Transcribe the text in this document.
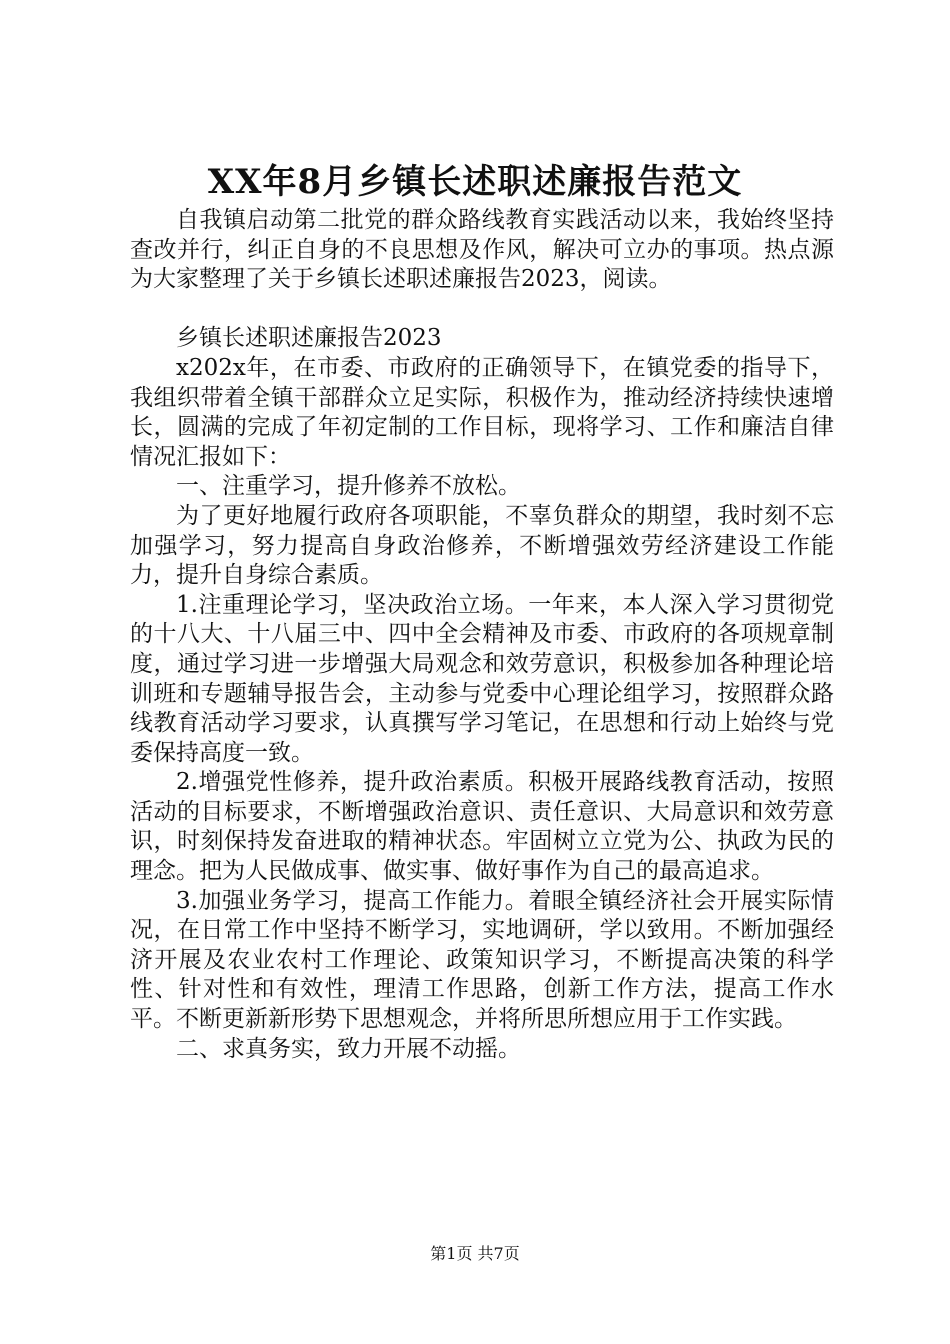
XX年8月乡镇长述职述廉报告范文

自我镇启动第二批党的群众路线教育实践活动以来，我始终坚持查改并行，纠正自身的不良思想及作风，解决可立办的事项。热点源为大家整理了关于乡镇长述职述廉报告2023，阅读。

乡镇长述职述廉报告2023

x202x年，在市委、市政府的正确领导下，在镇党委的指导下，我组织带着全镇干部群众立足实际，积极作为，推动经济持续快速增长，圆满的完成了年初定制的工作目标，现将学习、工作和廉洁自律情况汇报如下：

一、注重学习，提升修养不放松。

为了更好地履行政府各项职能，不辜负群众的期望，我时刻不忘加强学习，努力提高自身政治修养，不断增强效劳经济建设工作能力，提升自身综合素质。

1.注重理论学习，坚决政治立场。一年来，本人深入学习贯彻党的十八大、十八届三中、四中全会精神及市委、市政府的各项规章制度，通过学习进一步增强大局观念和效劳意识，积极参加各种理论培训班和专题辅导报告会，主动参与党委中心理论组学习，按照群众路线教育活动学习要求，认真撰写学习笔记，在思想和行动上始终与党委保持高度一致。

2.增强党性修养，提升政治素质。积极开展路线教育活动，按照活动的目标要求，不断增强政治意识、责任意识、大局意识和效劳意识，时刻保持发奋进取的精神状态。牢固树立立党为公、执政为民的理念。把为人民做成事、做实事、做好事作为自己的最高追求。

3.加强业务学习，提高工作能力。着眼全镇经济社会开展实际情况，在日常工作中坚持不断学习，实地调研，学以致用。不断加强经济开展及农业农村工作理论、政策知识学习，不断提高决策的科学性、针对性和有效性，理清工作思路，创新工作方法，提高工作水平。不断更新新形势下思想观念，并将所思所想应用于工作实践。

二、求真务实，致力开展不动摇。

第1页 共7页
